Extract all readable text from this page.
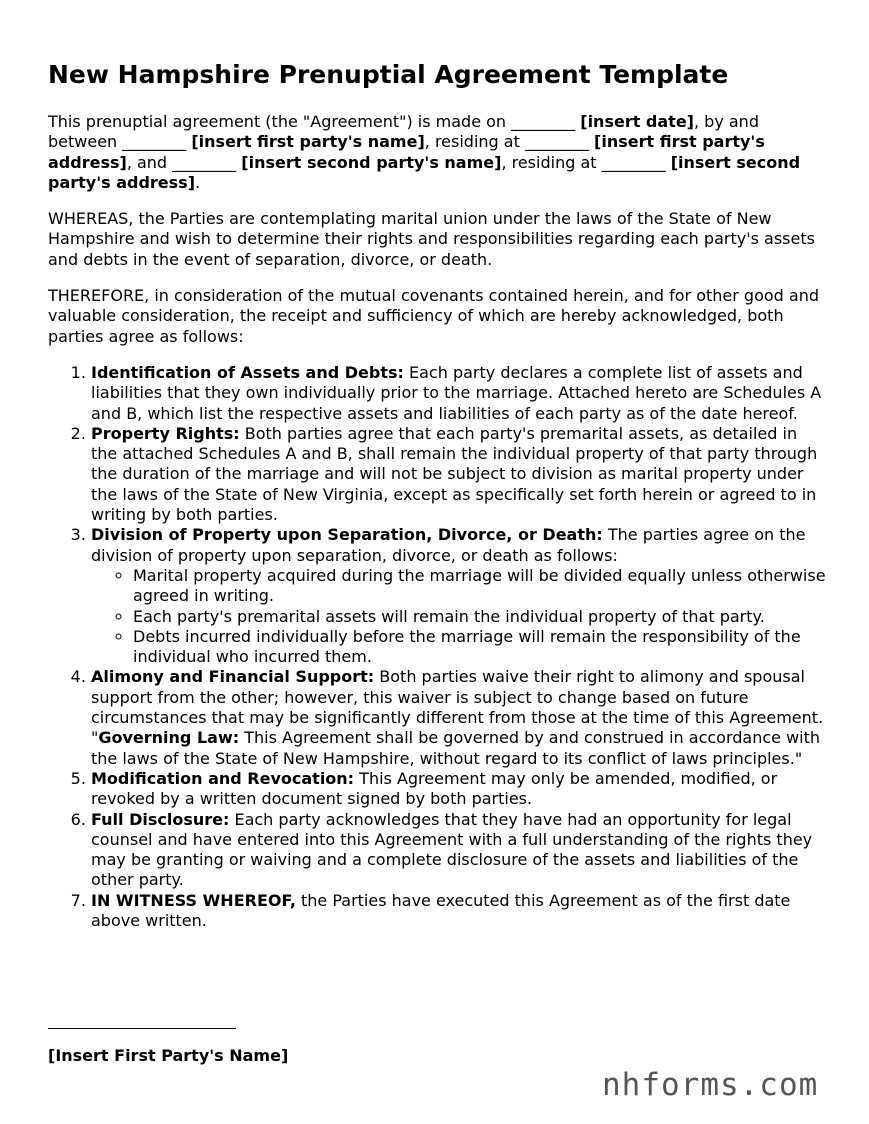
New Hampshire Prenuptial Agreement Template

This prenuptial agreement (the "Agreement") is made on ________ [insert date], by and between ________ [insert first party's name], residing at ________ [insert first party's address], and ________ [insert second party's name], residing at ________ [insert second party's address].

WHEREAS, the Parties are contemplating marital union under the laws of the State of New Hampshire and wish to determine their rights and responsibilities regarding each party's assets and debts in the event of separation, divorce, or death.

THEREFORE, in consideration of the mutual covenants contained herein, and for other good and valuable consideration, the receipt and sufficiency of which are hereby acknowledged, both parties agree as follows:

1. Identification of Assets and Debts: Each party declares a complete list of assets and liabilities that they own individually prior to the marriage. Attached hereto are Schedules A and B, which list the respective assets and liabilities of each party as of the date hereof.
2. Property Rights: Both parties agree that each party's premarital assets, as detailed in the attached Schedules A and B, shall remain the individual property of that party through the duration of the marriage and will not be subject to division as marital property under the laws of the State of New Virginia, except as specifically set forth herein or agreed to in writing by both parties.
3. Division of Property upon Separation, Divorce, or Death: The parties agree on the division of property upon separation, divorce, or death as follows:
◦ Marital property acquired during the marriage will be divided equally unless otherwise agreed in writing.
◦ Each party's premarital assets will remain the individual property of that party.
◦ Debts incurred individually before the marriage will remain the responsibility of the individual who incurred them.
4. Alimony and Financial Support: Both parties waive their right to alimony and spousal support from the other; however, this waiver is subject to change based on future circumstances that may be significantly different from those at the time of this Agreement.
"Governing Law: This Agreement shall be governed by and construed in accordance with the laws of the State of New Hampshire, without regard to its conflict of laws principles."
5. Modification and Revocation: This Agreement may only be amended, modified, or revoked by a written document signed by both parties.
6. Full Disclosure: Each party acknowledges that they have had an opportunity for legal counsel and have entered into this Agreement with a full understanding of the rights they may be granting or waiving and a complete disclosure of the assets and liabilities of the other party.
7. IN WITNESS WHEREOF, the Parties have executed this Agreement as of the first date above written.
[Insert First Party's Name]
nhforms.com
